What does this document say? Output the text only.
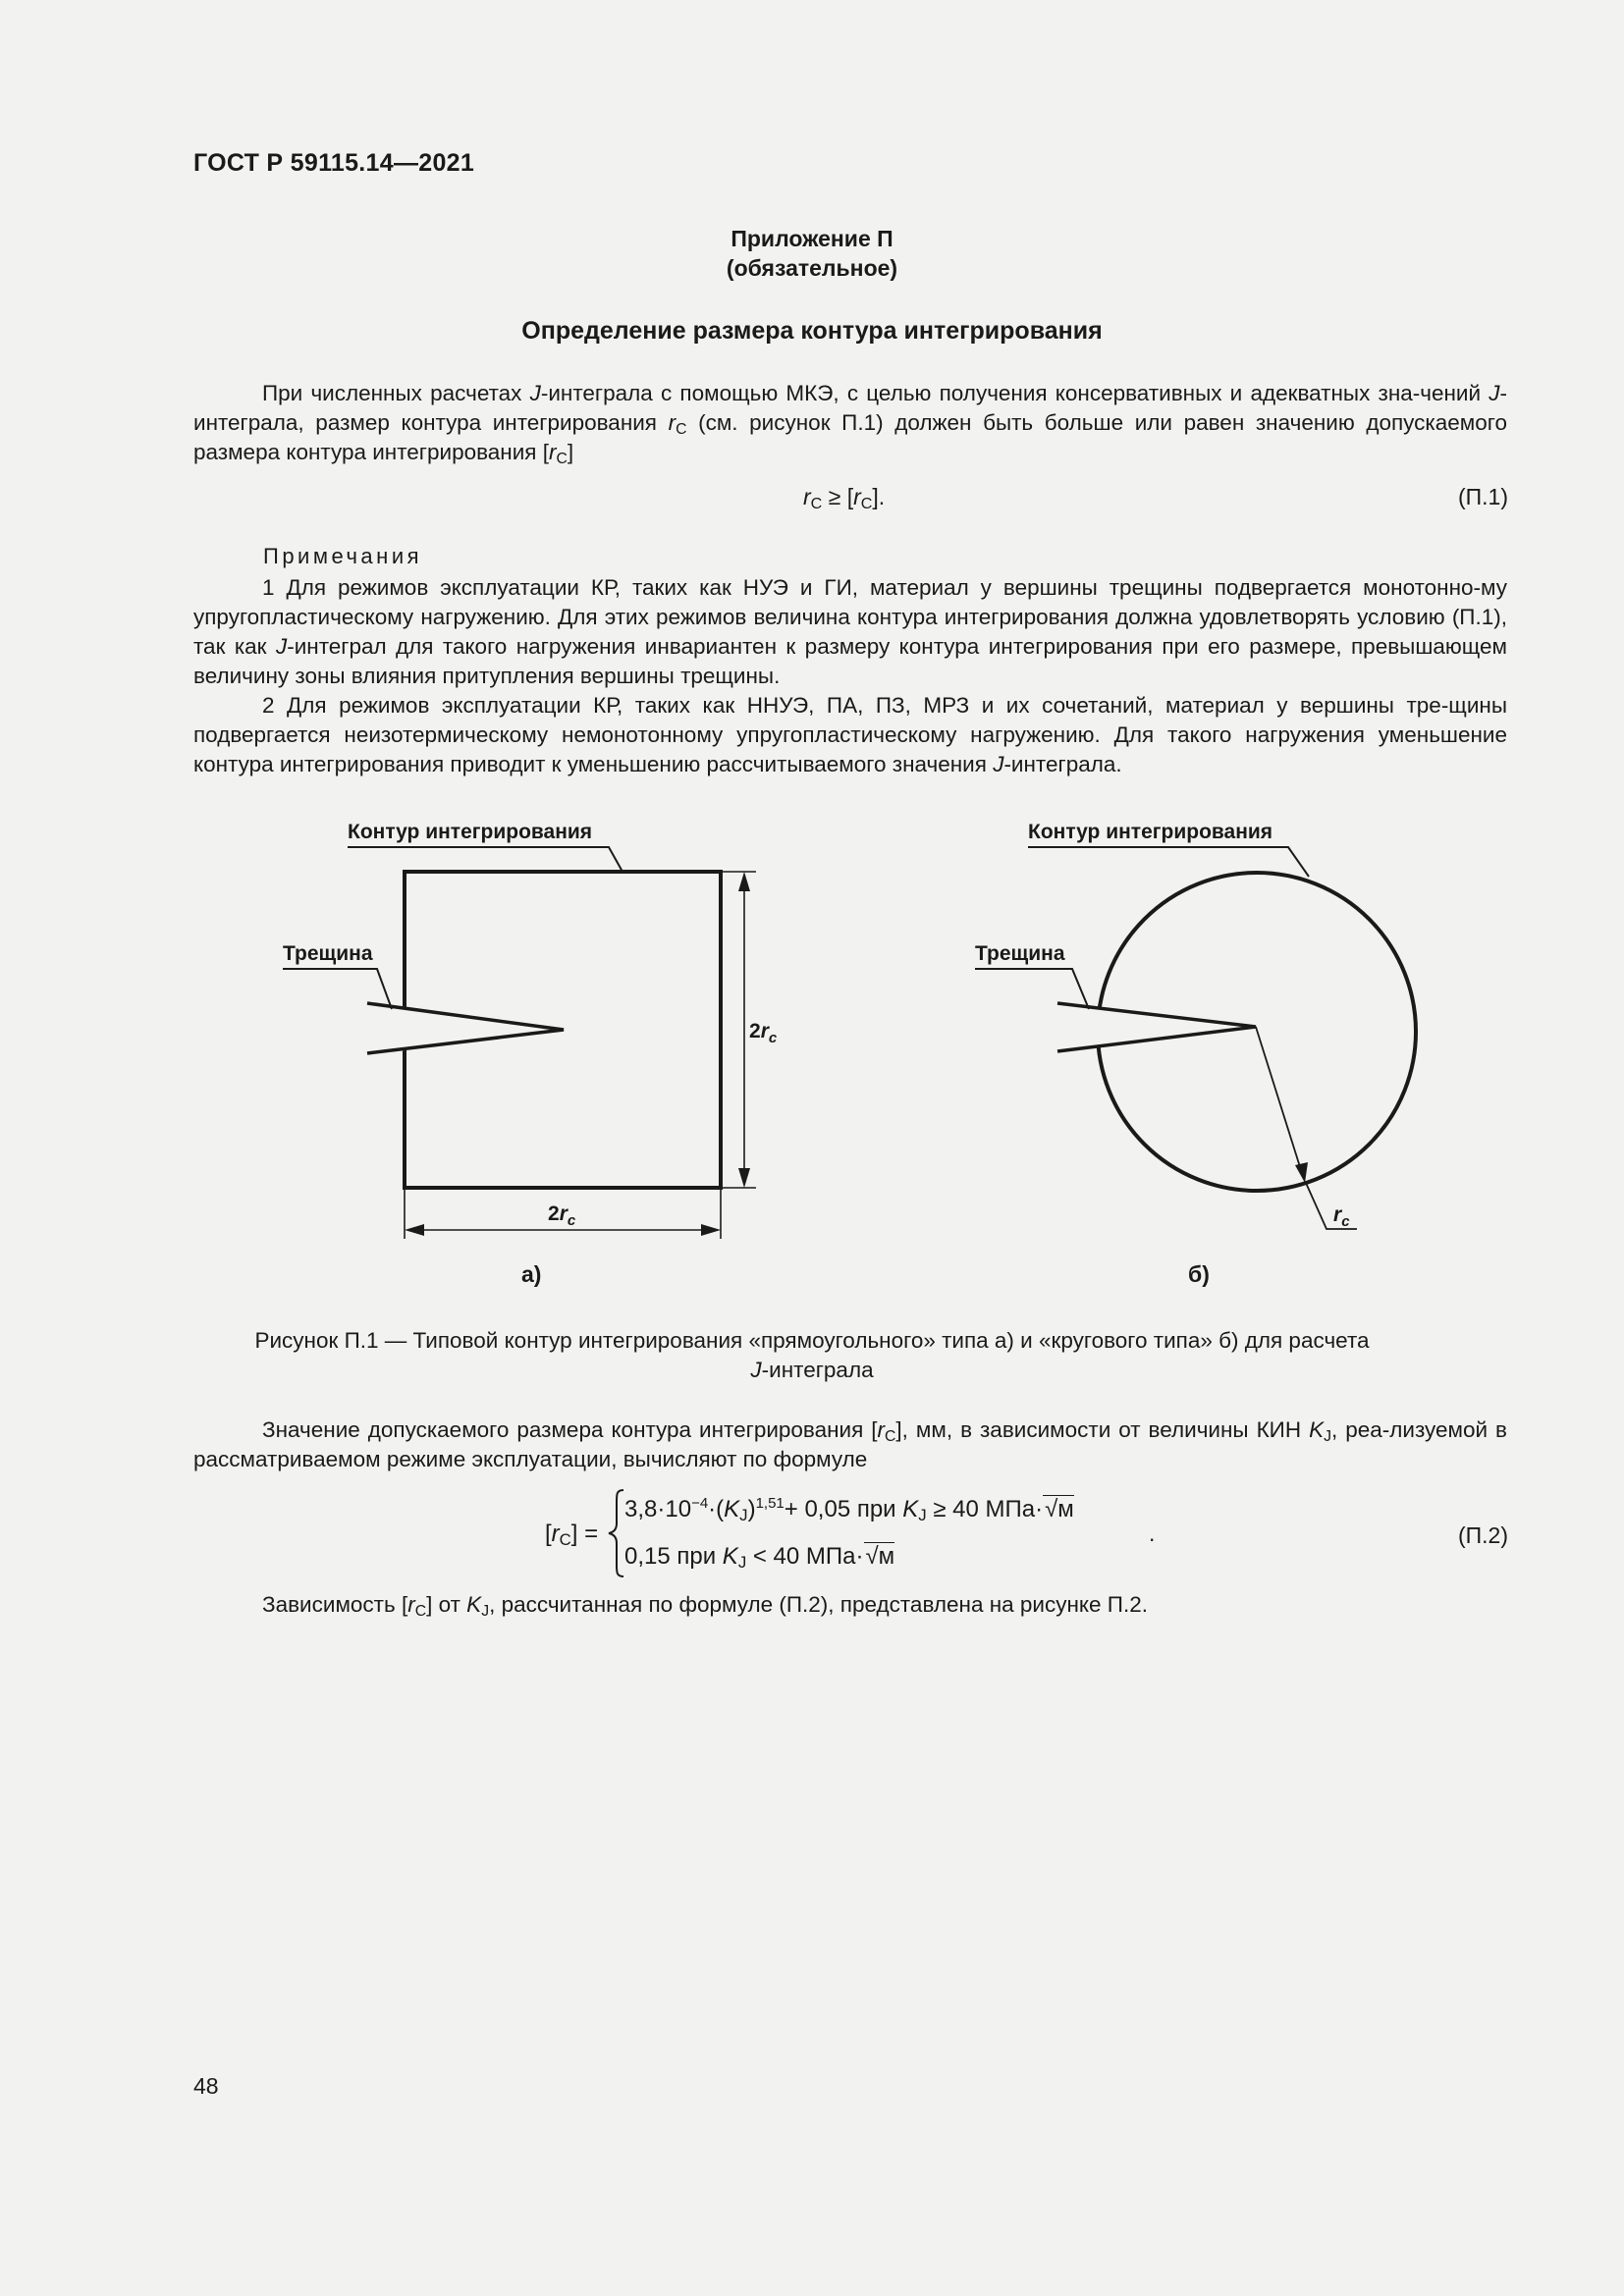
ГОСТ Р 59115.14—2021
Приложение П
(обязательное)
Определение размера контура интегрирования

При численных расчетах J-интеграла с помощью МКЭ, с целью получения консервативных и адекватных зна-чений J-интеграла, размер контура интегрирования $r_C$ (см. рисунок П.1) должен быть больше или равен значению допускаемого размера контура интегрирования $[r_C]$

$r_C \ge [r_C]$.	(П.1)
Примечания

1 Для режимов эксплуатации КР, таких как НУЭ и ГИ, материал у вершины трещины подвергается монотонно-му упругопластическому нагружению. Для этих режимов величина контура интегрирования должна удовлетворять условию (П.1), так как J-интеграл для такого нагружения инвариантен к размеру контура интегрирования при его размере, превышающем величину зоны влияния притупления вершины трещины.

2 Для режимов эксплуатации КР, таких как ННУЭ, ПА, ПЗ, МРЗ и их сочетаний, материал у вершины тре-щины подвергается неизотермическому немонотонному упругопластическому нагружению. Для такого нагружения уменьшение контура интегрирования приводит к уменьшению рассчитываемого значения J-интеграла.

Контур интегрирования
Трещина
$2r_c$
$2r_c$
Контур интегрирования
Трещина
$r_c$
а)	б)
Рисунок П.1 — Типовой контур интегрирования «прямоугольного» типа а) и «кругового типа» б) для расчета
J-интеграла

Значение допускаемого размера контура интегрирования $[r_C]$, мм, в зависимости от величины КИН $K_J$, реа-лизуемой в рассматриваемом режиме эксплуатации, вычисляют по формуле

$[r_C]$ =
$3,8\cdot 10^{-4}\cdot(K_J)^{1,51}+ 0,05$ при $K_J \ge 40$ МПа·√м
0,15 при $K_J < 40$ МПа·√м
.	(П.2)

Зависимость $[r_C]$ от $K_J$, рассчитанная по формуле (П.2), представлена на рисунке П.2.

48
